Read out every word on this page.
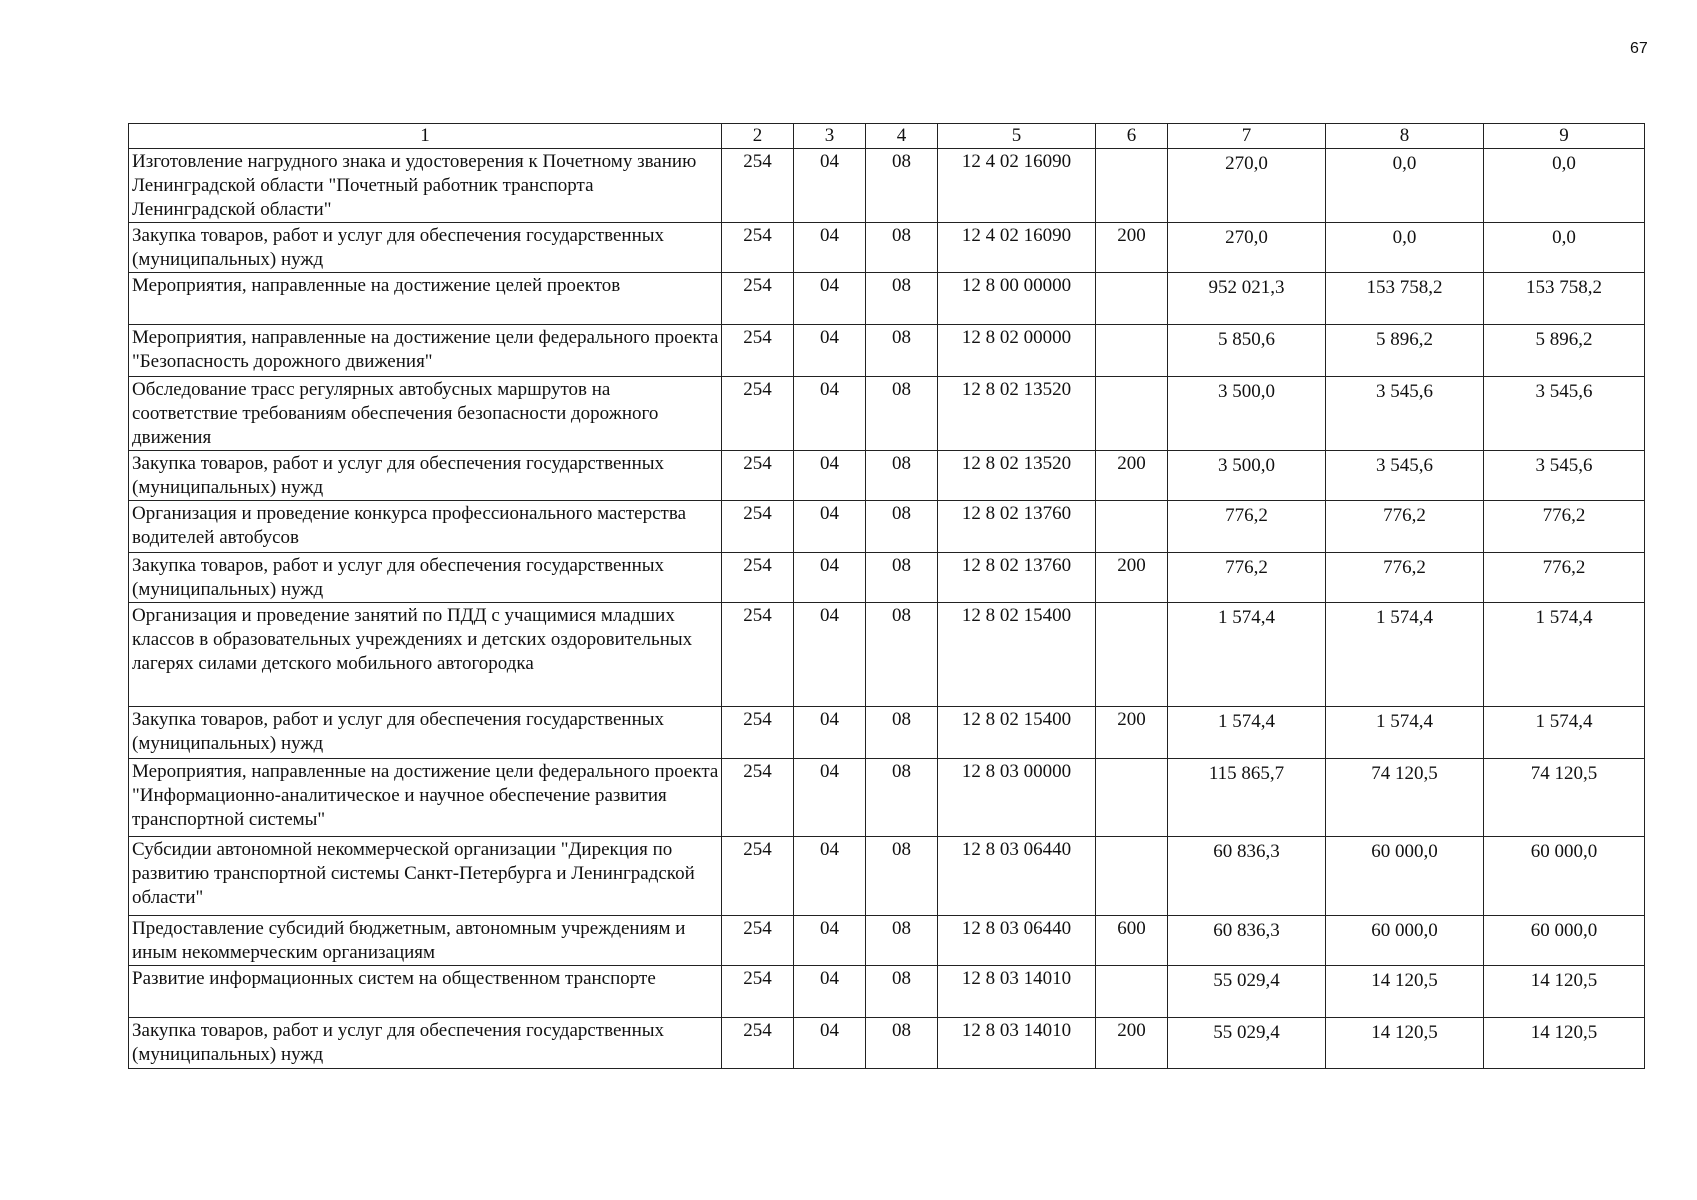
67
1	2	3	4	5	6	7	8	9
Изготовление нагрудного знака и удостоверения к Почетному званию Ленинградской области "Почетный работник транспорта Ленинградской области"	254	04	08	12 4 02 16090		270,0	0,0	0,0
Закупка товаров, работ и услуг для обеспечения государственных (муниципальных) нужд	254	04	08	12 4 02 16090	200	270,0	0,0	0,0
Мероприятия, направленные на достижение целей проектов	254	04	08	12 8 00 00000		952 021,3	153 758,2	153 758,2
Мероприятия, направленные на достижение цели федерального проекта "Безопасность дорожного движения"	254	04	08	12 8 02 00000		5 850,6	5 896,2	5 896,2
Обследование трасс регулярных автобусных маршрутов на соответствие требованиям обеспечения безопасности дорожного движения	254	04	08	12 8 02 13520		3 500,0	3 545,6	3 545,6
Закупка товаров, работ и услуг для обеспечения государственных (муниципальных) нужд	254	04	08	12 8 02 13520	200	3 500,0	3 545,6	3 545,6
Организация и проведение конкурса профессионального мастерства водителей автобусов	254	04	08	12 8 02 13760		776,2	776,2	776,2
Закупка товаров, работ и услуг для обеспечения государственных (муниципальных) нужд	254	04	08	12 8 02 13760	200	776,2	776,2	776,2
Организация и проведение занятий по ПДД с учащимися младших классов в образовательных учреждениях и детских оздоровительных лагерях силами детского мобильного автогородка	254	04	08	12 8 02 15400		1 574,4	1 574,4	1 574,4
Закупка товаров, работ и услуг для обеспечения государственных (муниципальных) нужд	254	04	08	12 8 02 15400	200	1 574,4	1 574,4	1 574,4
Мероприятия, направленные на достижение цели федерального проекта "Информационно-аналитическое и научное обеспечение развития транспортной системы"	254	04	08	12 8 03 00000		115 865,7	74 120,5	74 120,5
Субсидии автономной некоммерческой организации "Дирекция по развитию транспортной системы Санкт-Петербурга и Ленинградской области"	254	04	08	12 8 03 06440		60 836,3	60 000,0	60 000,0
Предоставление субсидий бюджетным, автономным учреждениям и иным некоммерческим организациям	254	04	08	12 8 03 06440	600	60 836,3	60 000,0	60 000,0
Развитие информационных систем на общественном транспорте	254	04	08	12 8 03 14010		55 029,4	14 120,5	14 120,5
Закупка товаров, работ и услуг для обеспечения государственных (муниципальных) нужд	254	04	08	12 8 03 14010	200	55 029,4	14 120,5	14 120,5
